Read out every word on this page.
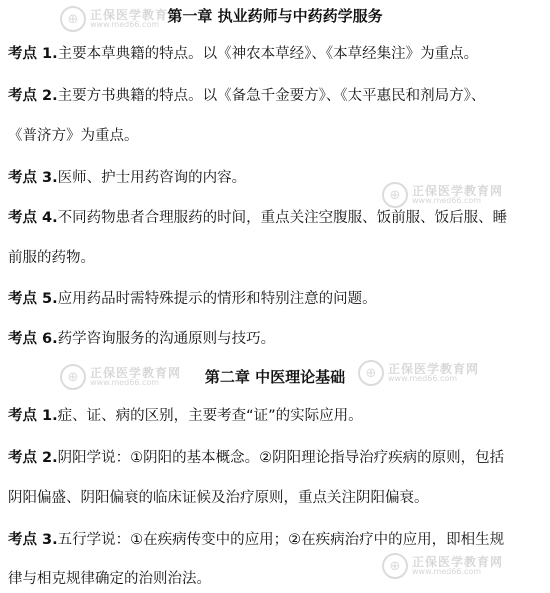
⊕ 正保医学教育网
www.med66.com
⊕ 正保医学教育网
www.med66.com
⊕ 正保医学教育网
www.med66.com
⊕ 正保医学教育网
www.med66.com
⊕ 正保医学教育网
www.med66.com
第一章 执业药师与中药药学服务
考点 1.主要本草典籍的特点。以《神农本草经》、《本草经集注》为重点。
考点 2.主要方书典籍的特点。以《备急千金要方》、《太平惠民和剂局方》、
《普济方》为重点。
考点 3.医师、护士用药咨询的内容。
考点 4.不同药物患者合理服药的时间，重点关注空腹服、饭前服、饭后服、睡
前服的药物。
考点 5.应用药品时需特殊提示的情形和特别注意的问题。
考点 6.药学咨询服务的沟通原则与技巧。
第二章 中医理论基础
考点 1.症、证、病的区别，主要考查“证”的实际应用。
考点 2.阴阳学说：①阴阳的基本概念。②阴阳理论指导治疗疾病的原则，包括
阴阳偏盛、阴阳偏衰的临床证候及治疗原则，重点关注阴阳偏衰。
考点 3.五行学说：①在疾病传变中的应用；②在疾病治疗中的应用，即相生规
律与相克规律确定的治则治法。
